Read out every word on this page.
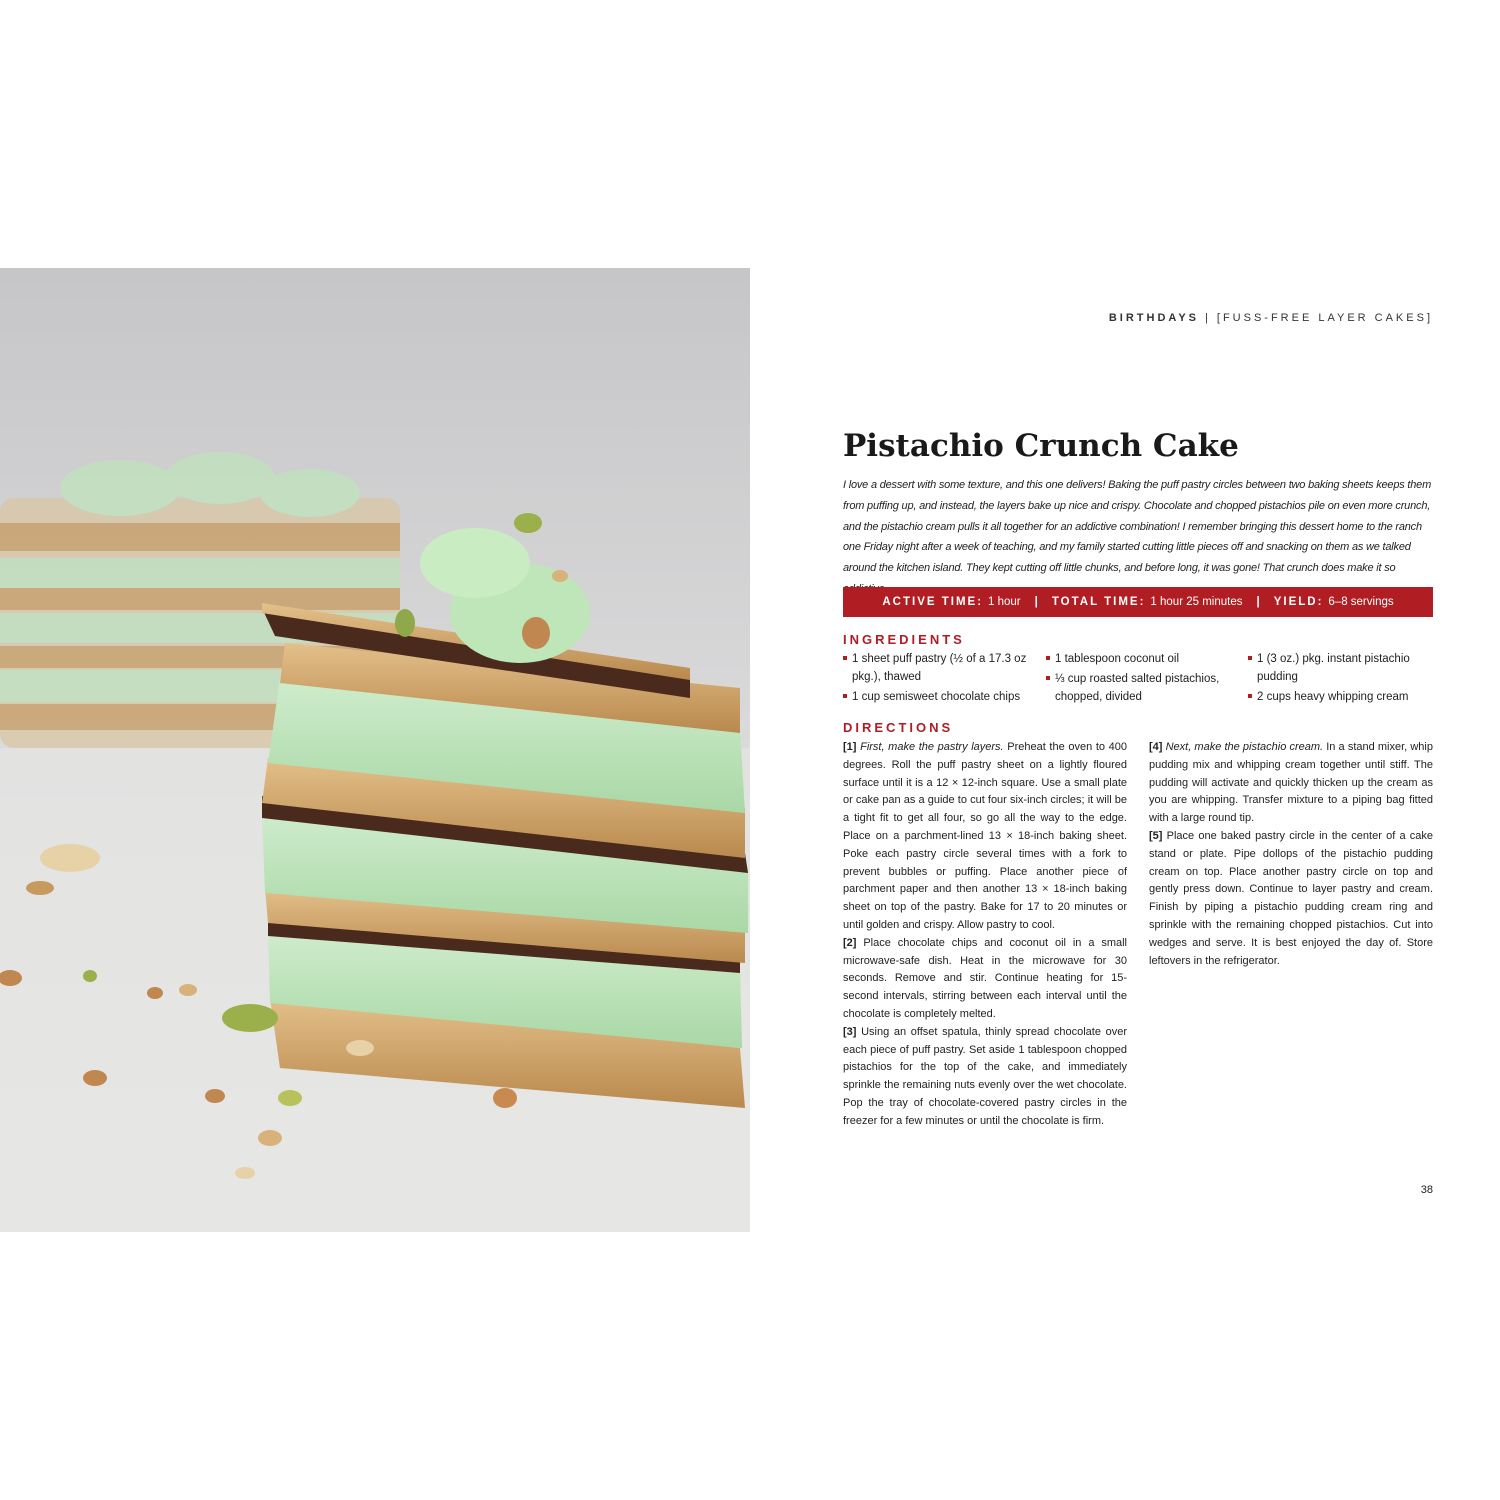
BIRTHDAYS | [FUSS-FREE LAYER CAKES]
Pistachio Crunch Cake

I love a dessert with some texture, and this one delivers! Baking the puff pastry circles between two baking sheets keeps them from puffing up, and instead, the layers bake up nice and crispy. Chocolate and chopped pistachios pile on even more crunch, and the pistachio cream pulls it all together for an addictive combination! I remember bringing this dessert home to the ranch one Friday night after a week of teaching, and my family started cutting little pieces off and snacking on them as we talked around the kitchen island. They kept cutting off little chunks, and before long, it was gone! That crunch does make it so

ACTIVE TIME: 1 hour | TOTAL TIME: 1 hour 25 minutes | YIELD: 6–8 servings
INGREDIENTS
1 sheet puff pastry (½ of a 17.3 oz pkg.), thawed
1 cup semisweet chocolate chips
1 tablespoon coconut oil
⅓ cup roasted salted pistachios, chopped, divided
1 (3 oz.) pkg. instant pistachio pudding
2 cups heavy whipping cream
DIRECTIONS

[1] First, make the pastry layers. Preheat the oven to 400 degrees. Roll the puff pastry sheet on a lightly floured surface until it is a 12 × 12-inch square. Use a small plate or cake pan as a guide to cut four six-inch circles; it will be a tight fit to get all four, so go all the way to the edge. Place on a parchment-lined 13 × 18-inch baking sheet. Poke each pastry circle several times with a fork to prevent bubbles or puffing. Place another piece of parchment paper and then another 13 × 18-inch baking sheet on top of the pastry. Bake for 17 to 20 minutes or until golden and crispy. Allow pastry to cool.

[2] Place chocolate chips and coconut oil in a small microwave-safe dish. Heat in the microwave for 30 seconds. Remove and stir. Continue heating for 15-second intervals, stirring between each interval until the chocolate is completely melted.

[3] Using an offset spatula, thinly spread chocolate over each piece of puff pastry. Set aside 1 tablespoon chopped pistachios for the top of the cake, and immediately sprinkle the remaining nuts evenly over the wet chocolate. Pop the tray of chocolate-covered pastry circles in the freezer for a few minutes or until the chocolate is firm.

[4] Next, make the pistachio cream. In a stand mixer, whip pudding mix and whipping cream together until stiff. The pudding will activate and quickly thicken up the cream as you are whipping. Transfer mixture to a piping bag fitted with a large round tip.

[5] Place one baked pastry circle in the center of a cake stand or plate. Pipe dollops of the pistachio pudding cream on top. Place another pastry circle on top and gently press down. Continue to layer pastry and cream. Finish by piping a pistachio pudding cream ring and sprinkle with the remaining chopped pistachios. Cut into wedges and serve. It is best enjoyed the day of. Store leftovers in the refrigerator.

38
